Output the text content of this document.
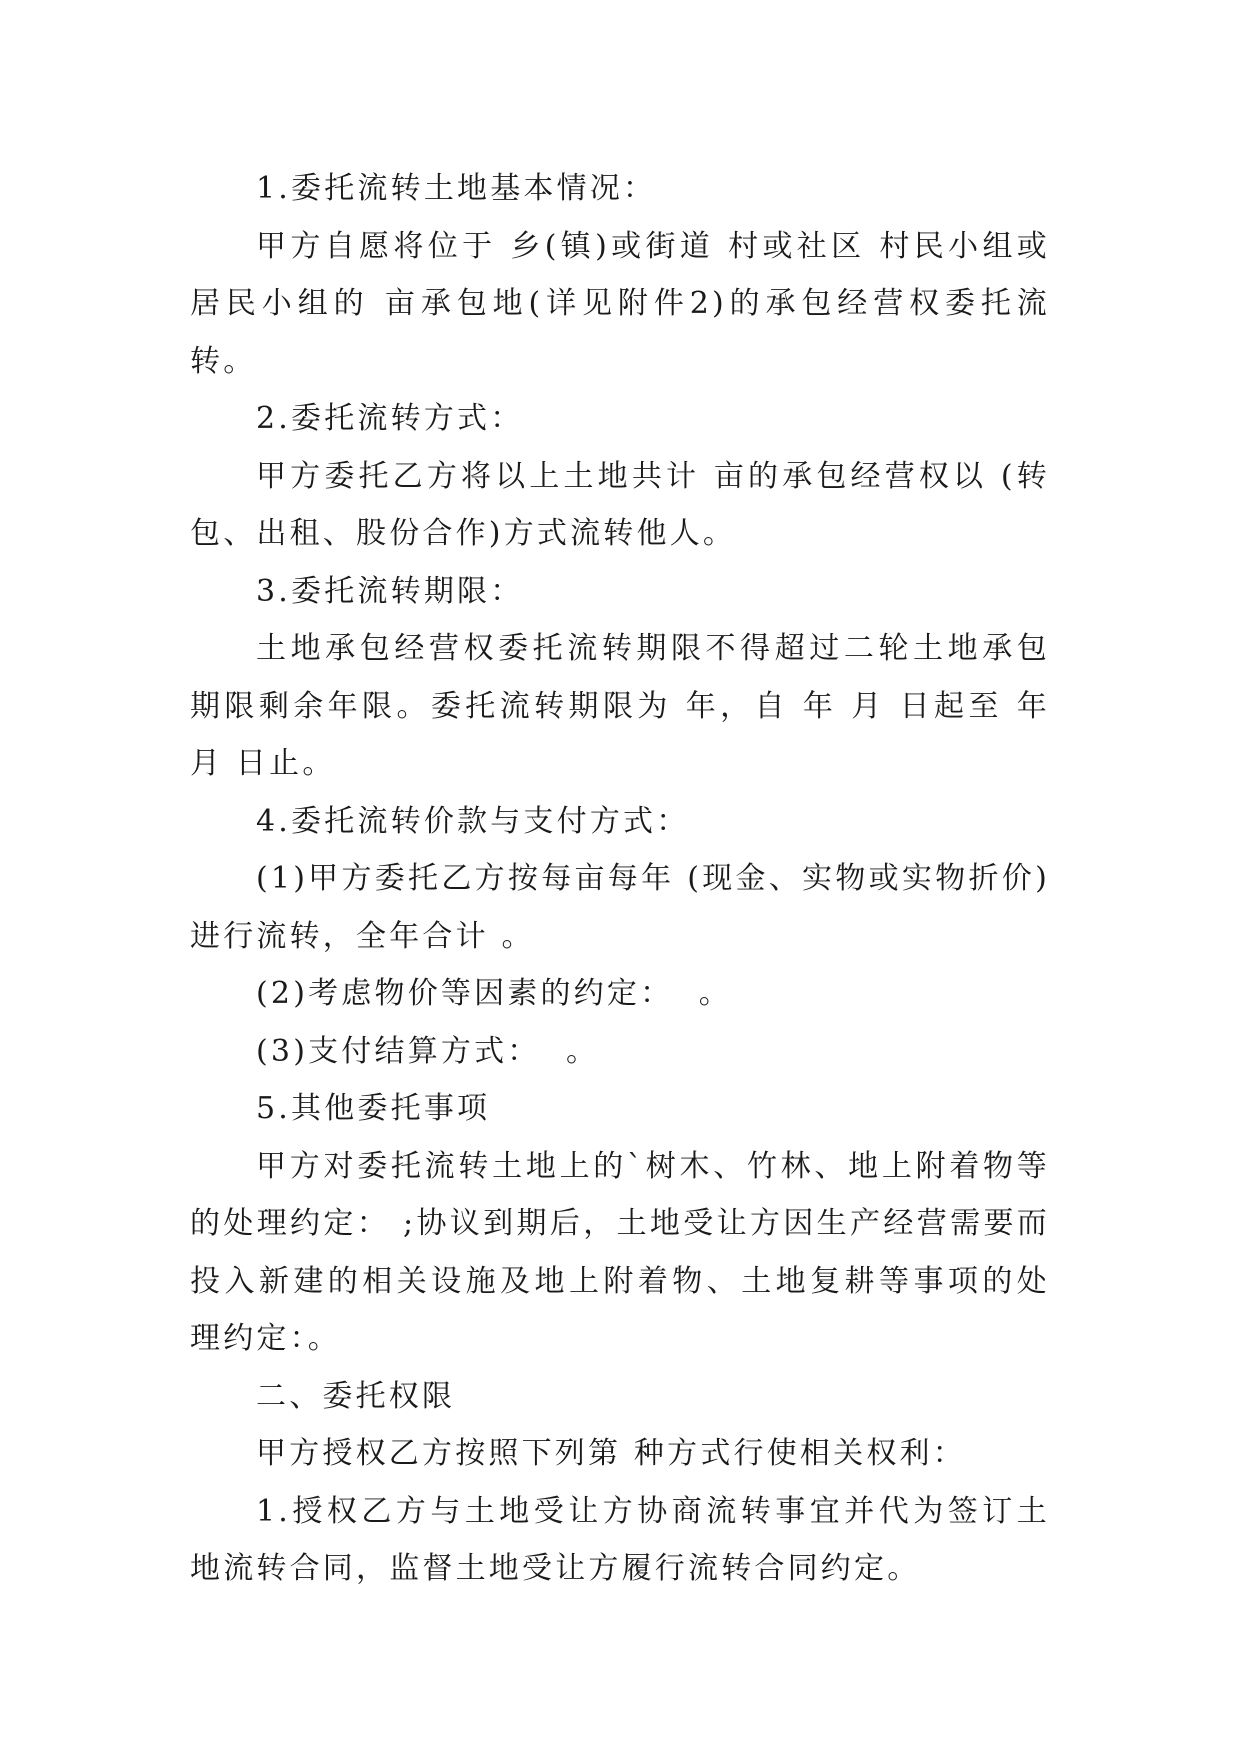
1.委托流转土地基本情况：

甲方自愿将位于 乡(镇)或街道 村或社区 村民小组或居民小组的 亩承包地(详见附件2)的承包经营权委托流转。

2.委托流转方式：

甲方委托乙方将以上土地共计 亩的承包经营权以 (转包、出租、股份合作)方式流转他人。

3.委托流转期限：

土地承包经营权委托流转期限不得超过二轮土地承包期限剩余年限。委托流转期限为 年，自 年 月 日起至 年 月 日止。

4.委托流转价款与支付方式：

(1)甲方委托乙方按每亩每年 (现金、实物或实物折价)进行流转，全年合计 。

(2)考虑物价等因素的约定：  。

(3)支付结算方式：  。

5.其他委托事项

甲方对委托流转土地上的`树木、竹林、地上附着物等的处理约定： ;协议到期后，土地受让方因生产经营需要而投入新建的相关设施及地上附着物、土地复耕等事项的处理约定：。

二、委托权限

甲方授权乙方按照下列第 种方式行使相关权利：

1.授权乙方与土地受让方协商流转事宜并代为签订土地流转合同，监督土地受让方履行流转合同约定。
